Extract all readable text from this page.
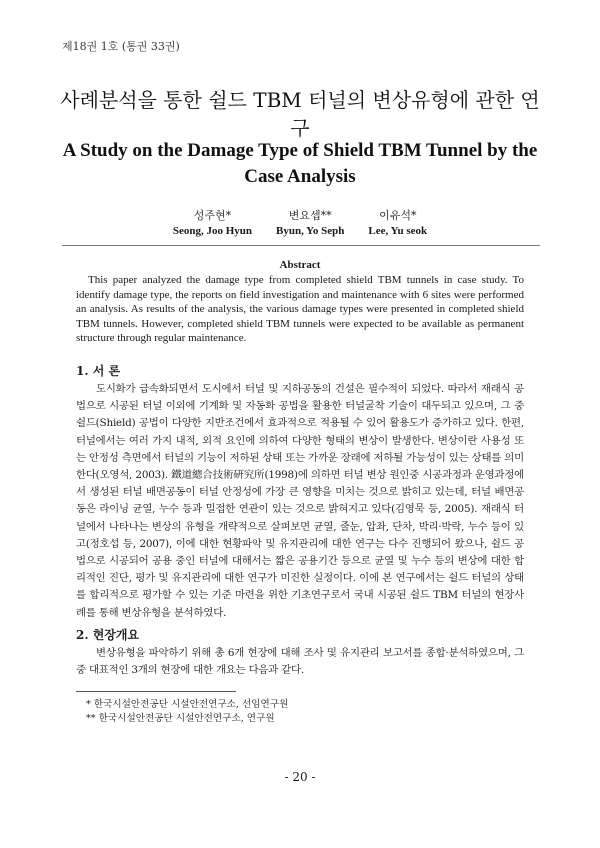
제18권 1호 (통권 33권)
사례분석을 통한 쉴드 TBM 터널의 변상유형에 관한 연구
A Study on the Damage Type of Shield TBM Tunnel by the Case Analysis
성주현*
Seong, Joo Hyun
변요셉**
Byun, Yo Seph
이유석*
Lee, Yu seok
Abstract

This paper analyzed the damage type from completed shield TBM tunnels in case study. To identify damage type, the reports on field investigation and maintenance with 6 sites were performed an analysis. As results of the analysis, the various damage types were presented in completed shield TBM tunnels. However, completed shield TBM tunnels were expected to be available as permanent structure through regular maintenance.

1. 서 론

도시화가 급속화되면서 도시에서 터널 및 지하공동의 건설은 필수적이 되었다. 따라서 재래식 공법으로 시공된 터널 이외에 기계화 및 자동화 공법을 활용한 터널굴착 기술이 대두되고 있으며, 그 중 쉴드(Shield) 공법이 다양한 지반조건에서 효과적으로 적용될 수 있어 활용도가 증가하고 있다. 한편, 터널에서는 여러 가지 내적, 외적 요인에 의하여 다양한 형태의 변상이 발생한다. 변상이란 사용성 또는 안정성 측면에서 터널의 기능이 저하된 상태 또는 가까운 장래에 저하될 가능성이 있는 상태를 의미한다(오영석, 2003). 鐵道總合技術硏究所(1998)에 의하면 터널 변상 원인중 시공과정과 운영과정에서 생성된 터널 배면공동이 터널 안정성에 가장 큰 영향을 미치는 것으로 밝히고 있는데, 터널 배면공동은 라이닝 균열, 누수 등과 밀접한 연관이 있는 것으로 밝혀지고 있다(김영묵 등, 2005). 재래식 터널에서 나타나는 변상의 유형을 개략적으로 살펴보면 균열, 줄눈, 압좌, 단차, 박리·박락, 누수 등이 있고(정호섭 등, 2007), 이에 대한 현황파악 및 유지관리에 대한 연구는 다수 진행되어 왔으나, 쉴드 공법으로 시공되어 공용 중인 터널에 대해서는 짧은 공용기간 등으로 균열 및 누수 등의 변상에 대한 합리적인 진단, 평가 및 유지관리에 대한 연구가 미진한 실정이다. 이에 본 연구에서는 쉴드 터널의 상태를 합리적으로 평가할 수 있는 기준 마련을 위한 기초연구로서 국내 시공된 쉴드 TBM 터널의 현장사례를 통해 변상유형을 분석하였다.

2. 현장개요

변상유형을 파악하기 위해 총 6개 현장에 대해 조사 및 유지관리 보고서를 종합·분석하였으며, 그 중 대표적인 3개의 현장에 대한 개요는 다음과 같다.

* 한국시설안전공단 시설안전연구소, 선임연구원
** 한국시설안전공단 시설안전연구소, 연구원
- 20 -
